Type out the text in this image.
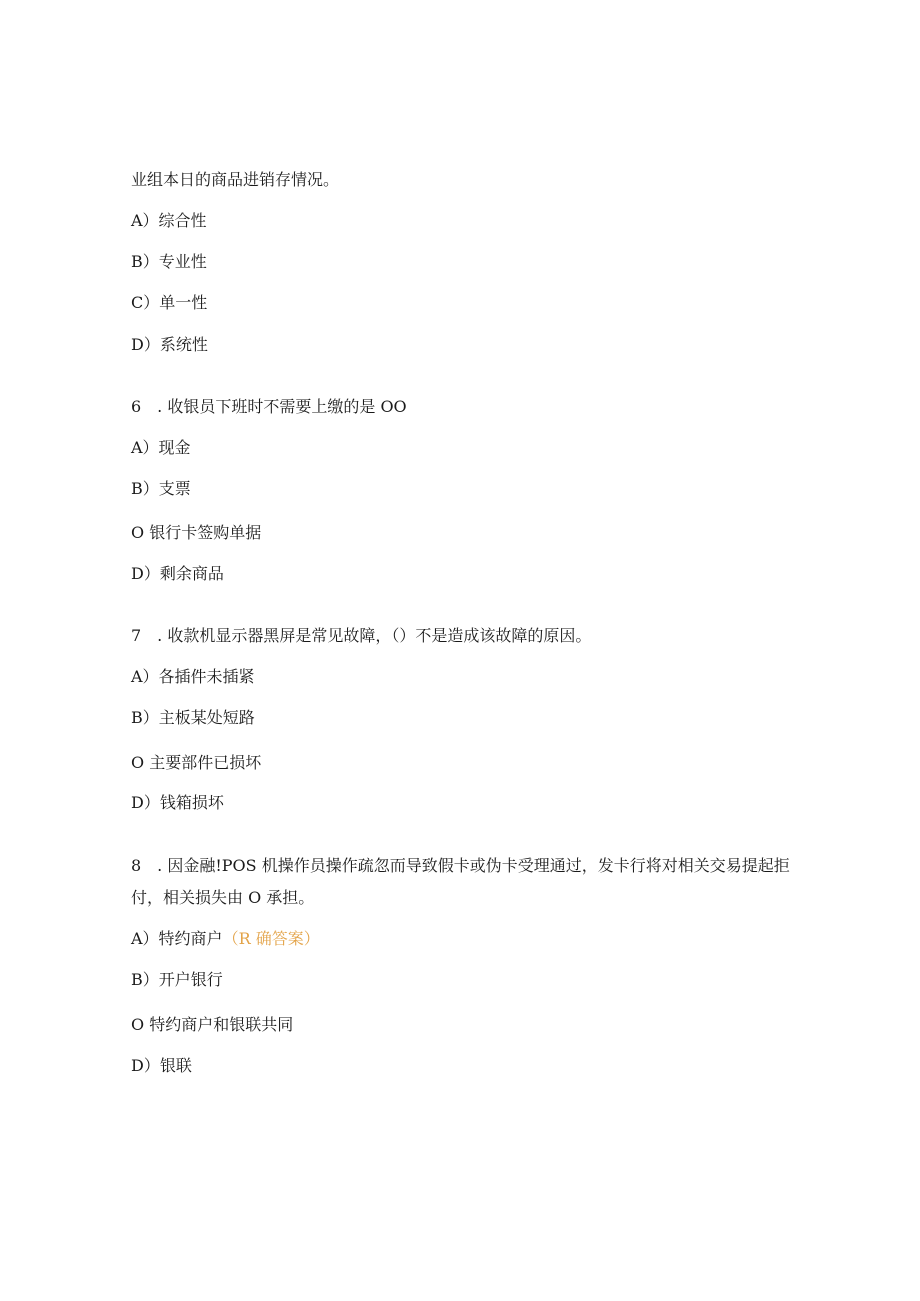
业组本日的商品进销存情况。
A）综合性
B）专业性
C）单一性
D）系统性
6　. 收银员下班时不需要上缴的是 OO
A）现金
B）支票
O 银行卡签购单据
D）剩余商品
7　. 收款机显示器黑屏是常见故障，（）不是造成该故障的原因。
A）各插件未插紧
B）主板某处短路
O 主要部件已损坏
D）钱箱损坏
8　. 因金融!POS 机操作员操作疏忽而导致假卡或伪卡受理通过，发卡行将对相关交易提起拒付，相关损失由 O 承担。
A）特约商户（R 确答案）
B）开户银行
O 特约商户和银联共同
D）银联
